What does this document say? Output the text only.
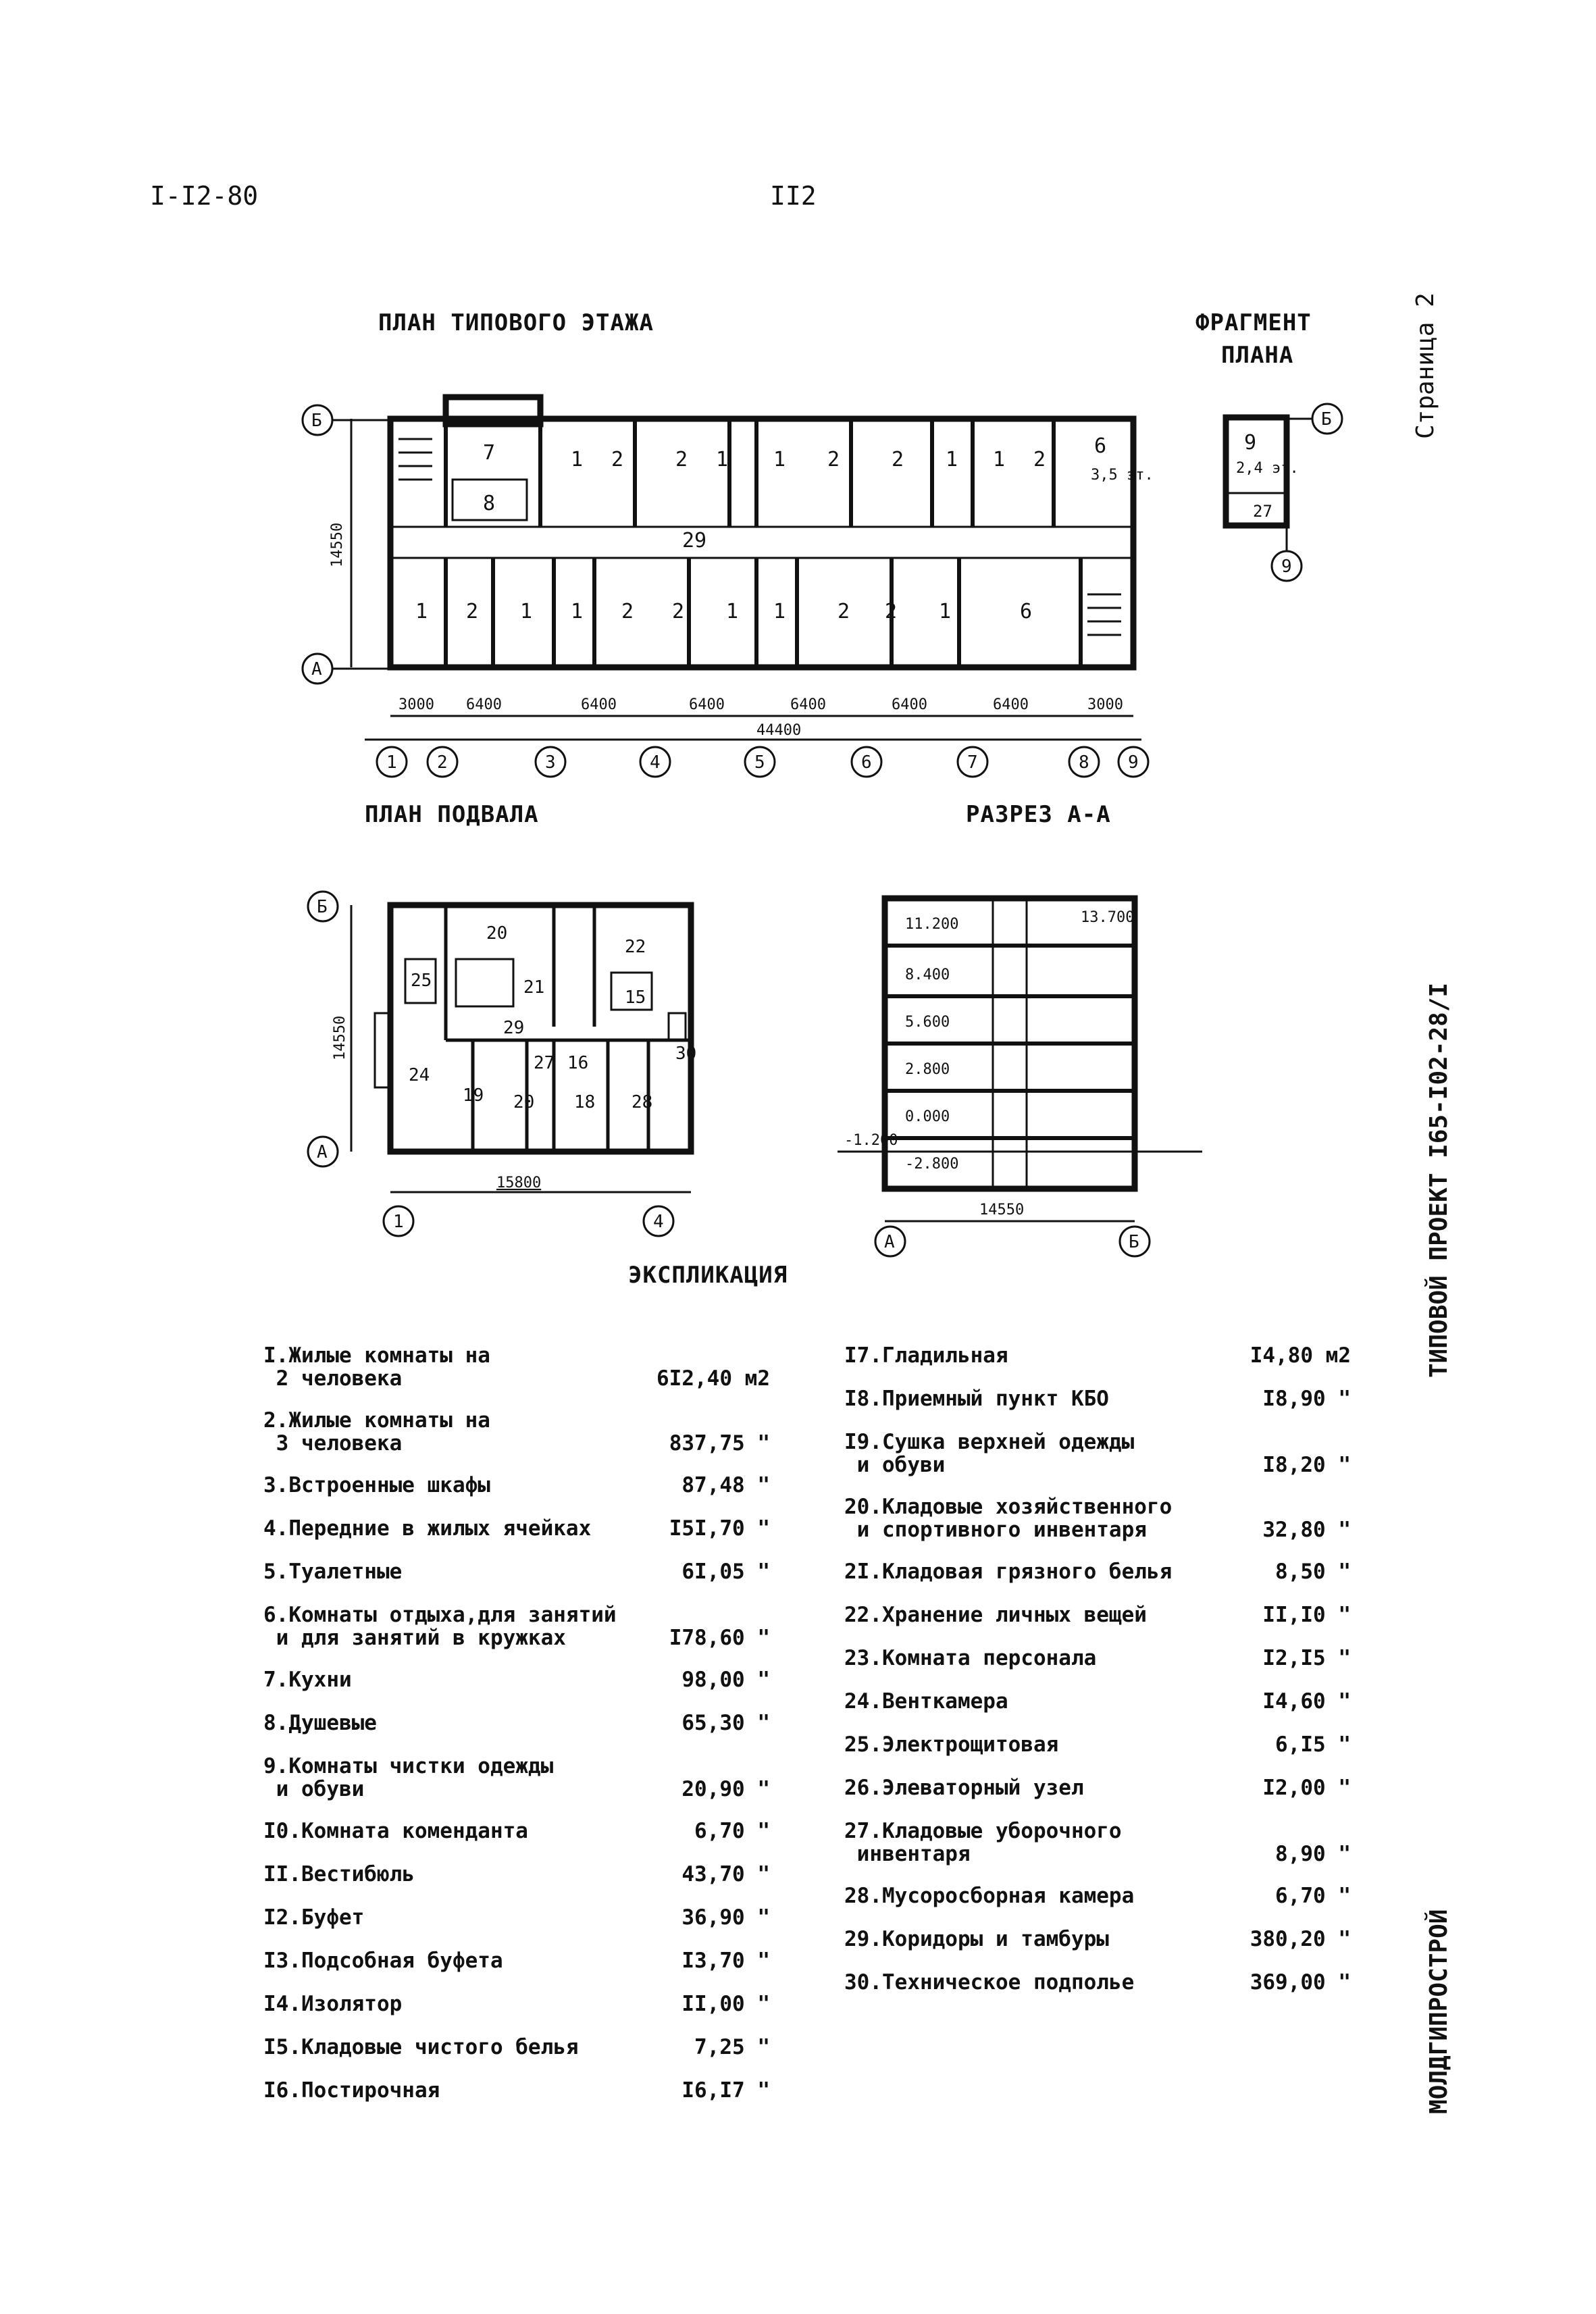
I-I2-80	II2
Страница 2
ТИПОВОЙ ПРОЕКТ I65-I02-28/I
МОЛДГИПРОСТРОЙ
ПЛАН ТИПОВОГО ЭТАЖА	ФРАГМЕНТ
ПЛАНА
ПЛАН ПОДВАЛА	РАЗРЕЗ А-А
ЭКСПЛИКАЦИЯ
29
3,5 эт.
7
8
1 2	2 1 1 2	2 1 1 2
6
1 2 1 1 2 2 1 1	2 2 1	6
14550
44400
3000 6400	6400	6400	6400	6400	6400	3000
1 2	3	4	5	6	7	8 9
Б
А
9
2,4 эт.
27
Б
9
20
21
22
25
15
29
27 16	30
24
19 20 18 28
14550
15800
1	4
Б
А
11.200
8.400
5.600
2.800
0.000
-2.800
13.700
-1.200
14550
А	Б
I.Жилые комнаты на
2 человека	6I2,40 м2
2.Жилые комнаты на
3 человека	837,75 "
3.Встроенные шкафы	87,48 "
4.Передние в жилых ячейках	I5I,70 "
5.Туалетные	6I,05 "
6.Комнаты отдыха,для занятий
и для занятий в кружках	I78,60 "
7.Кухни	98,00 "
8.Душевые	65,30 "
9.Комнаты чистки одежды
и обуви	20,90 "
I0.Комната коменданта	6,70 "
II.Вестибюль	43,70 "
I2.Буфет	36,90 "
I3.Подсобная буфета	I3,70 "
I4.Изолятор	II,00 "
I5.Кладовые чистого белья	7,25 "
I6.Постирочная	I6,I7 "
I7.Гладильная	I4,80 м2
I8.Приемный пункт КБО	I8,90 "
I9.Сушка верхней одежды
и обуви	I8,20 "
20.Кладовые хозяйственного
и спортивного инвентаря	32,80 "
2I.Кладовая грязного белья	8,50 "
22.Хранение личных вещей	II,I0 "
23.Комната персонала	I2,I5 "
24.Венткамера	I4,60 "
25.Электрощитовая	6,I5 "
26.Элеваторный узел	I2,00 "
27.Кладовые уборочного
инвентаря	8,90 "
28.Мусоросборная камера	6,70 "
29.Коридоры и тамбуры	380,20 "
30.Техническое подполье	369,00 "
